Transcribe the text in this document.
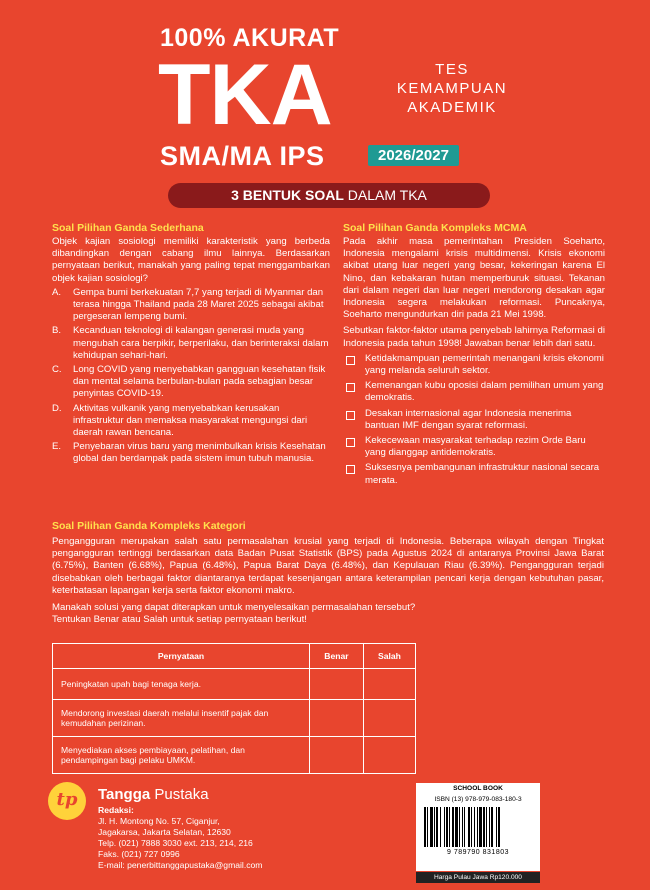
100% AKURAT
TKA	TES
KEMAMPUAN
AKADEMIK
SMA/MA IPS	2026/2027
3 BENTUK SOAL DALAM TKA
Soal Pilihan Ganda Sederhana
Objek kajian sosiologi memiliki karakteristik yang berbeda dibandingkan dengan cabang ilmu lainnya. Berdasarkan pernyataan berikut, manakah yang paling tepat menggambarkan objek kajian sosiologi?
A.	Gempa bumi berkekuatan 7,7 yang terjadi di Myanmar dan terasa hingga Thailand pada 28 Maret 2025 sebagai akibat pergeseran lempeng bumi.
B.	Kecanduan teknologi di kalangan generasi muda yang mengubah cara berpikir, berperilaku, dan berinteraksi dalam kehidupan sehari-hari.
C.	Long COVID yang menyebabkan gangguan kesehatan fisik dan mental selama berbulan-bulan pada sebagian besar penyintas COVID-19.
D.	Aktivitas vulkanik yang menyebabkan kerusakan infrastruktur dan memaksa masyarakat mengungsi dari daerah rawan bencana.
E.	Penyebaran virus baru yang menimbulkan krisis Kesehatan global dan berdampak pada sistem imun tubuh manusia.
Soal Pilihan Ganda Kompleks MCMA
Pada akhir masa pemerintahan Presiden Soeharto, Indonesia mengalami krisis multidimensi. Krisis ekonomi akibat utang luar negeri yang besar, kekeringan karena El Nino, dan kebakaran hutan memperburuk situasi. Tekanan dari dalam negeri dan luar negeri mendorong desakan agar Indonesia segera melakukan reformasi. Puncaknya, Soeharto mengundurkan diri pada 21 Mei 1998.
Sebutkan faktor-faktor utama penyebab lahirnya Reformasi di Indonesia pada tahun 1998! Jawaban benar lebih dari satu.
Ketidakmampuan pemerintah menangani krisis ekonomi yang melanda seluruh sektor.
Kemenangan kubu oposisi dalam pemilihan umum yang demokratis.
Desakan internasional agar Indonesia menerima bantuan IMF dengan syarat reformasi.
Kekecewaan masyarakat terhadap rezim Orde Baru yang dianggap antidemokratis.
Suksesnya pembangunan infrastruktur nasional secara merata.
Soal Pilihan Ganda Kompleks Kategori
Pengangguran merupakan salah satu permasalahan krusial yang terjadi di Indonesia. Beberapa wilayah dengan Tingkat pengangguran tertinggi berdasarkan data Badan Pusat Statistik (BPS) pada Agustus 2024 di antaranya Provinsi Jawa Barat (6.75%), Banten (6.68%), Papua (6.48%), Papua Barat Daya (6.48%), dan Kepulauan Riau (6.39%). Pengangguran terjadi disebabkan oleh berbagai faktor diantaranya terdapat kesenjangan antara keterampilan pencari kerja dengan kebutuhan pasar, keterbatasan lapangan kerja serta faktor ekonomi makro.
Manakah solusi yang dapat diterapkan untuk menyelesaikan permasalahan tersebut?
Tentukan Benar atau Salah untuk setiap pernyataan berikut!
Pernyataan	Benar	Salah
Peningkatan upah bagi tenaga kerja.		
Mendorong investasi daerah melalui insentif pajak dan kemudahan perizinan.		
Menyediakan akses pembiayaan, pelatihan, dan pendampingan bagi pelaku UMKM.		
tp	Tangga Pustaka
Redaksi:
Jl. H. Montong No. 57, Ciganjur,
Jagakarsa, Jakarta Selatan, 12630
Telp. (021) 7888 3030 ext. 213, 214, 216
Faks. (021) 727 0996
E-mail: penerbittanggapustaka@gmail.com
SCHOOL BOOK
ISBN (13) 978-979-083-180-3
9 789790 831803
Harga Pulau Jawa Rp120.000
